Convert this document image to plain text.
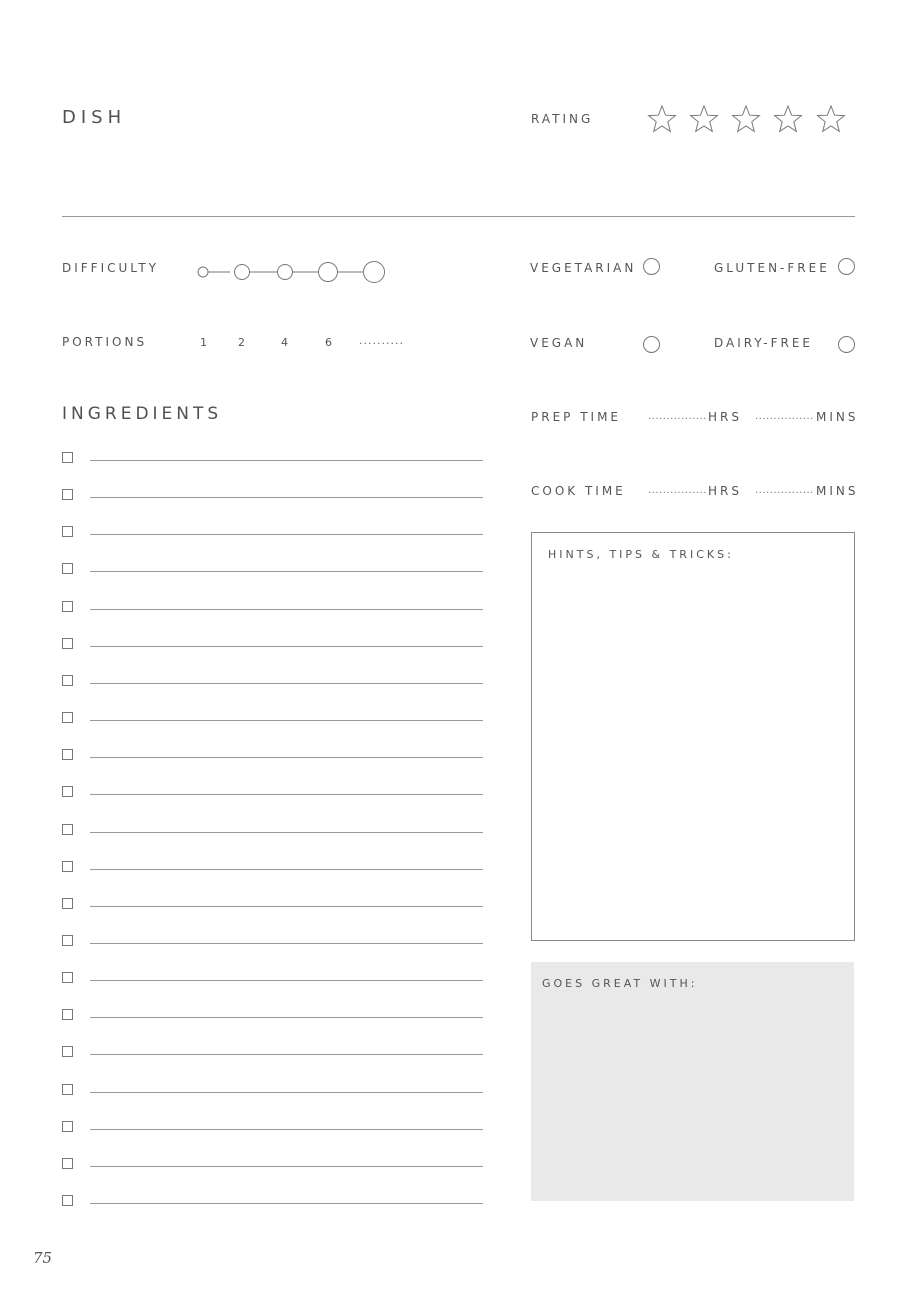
DISH	RATING
DIFFICULTY
PORTIONS	1	2	4	6 ..........
VEGETARIAN	GLUTEN-FREE
VEGAN	DAIRY-FREE
INGREDIENTS	PREP TIME	................ HRS ................ MINS
COOK TIME ................ HRS ................ MINS
HINTS, TIPS & TRICKS:
GOES GREAT WITH:
75
